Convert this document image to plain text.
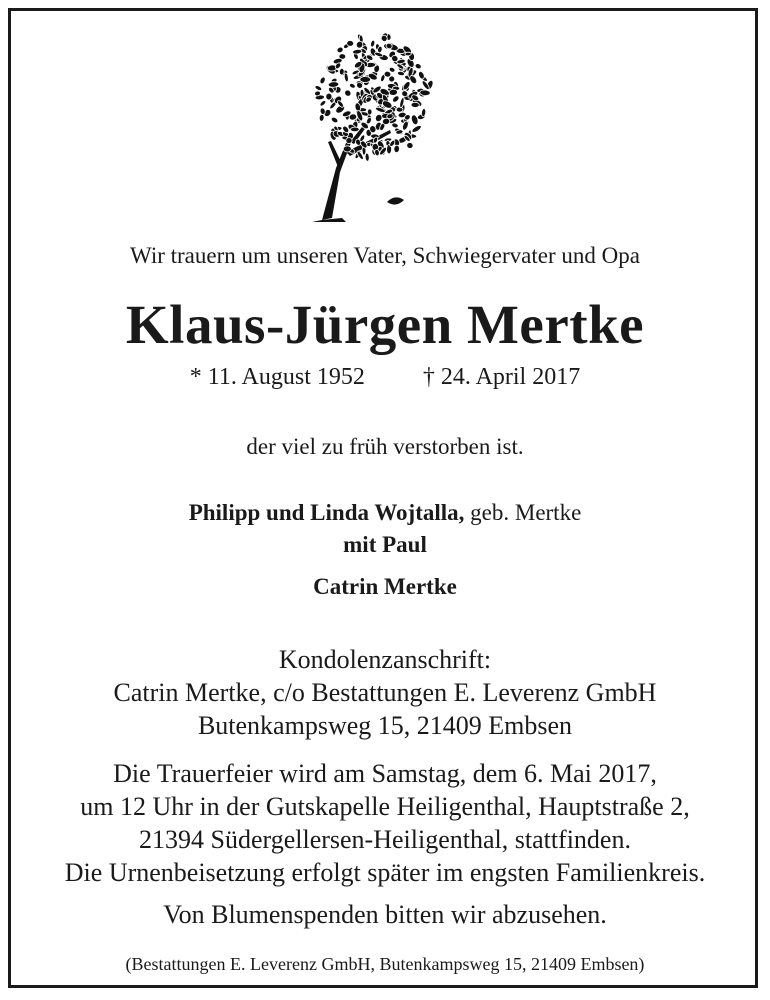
Wir trauern um unseren Vater, Schwiegervater und Opa
Klaus-Jürgen Mertke
* 11. August 1952 † 24. April 2017
der viel zu früh verstorben ist.
Philipp und Linda Wojtalla, geb. Mertke
mit Paul
Catrin Mertke
Kondolenzanschrift:
Catrin Mertke, c/o Bestattungen E. Leverenz GmbH
Butenkampsweg 15, 21409 Embsen
Die Trauerfeier wird am Samstag, dem 6. Mai 2017,
um 12 Uhr in der Gutskapelle Heiligenthal, Hauptstraße 2,
21394 Südergellersen-Heiligenthal, stattfinden.
Die Urnenbeisetzung erfolgt später im engsten Familienkreis.
Von Blumenspenden bitten wir abzusehen.
(Bestattungen E. Leverenz GmbH, Butenkampsweg 15, 21409 Embsen)
